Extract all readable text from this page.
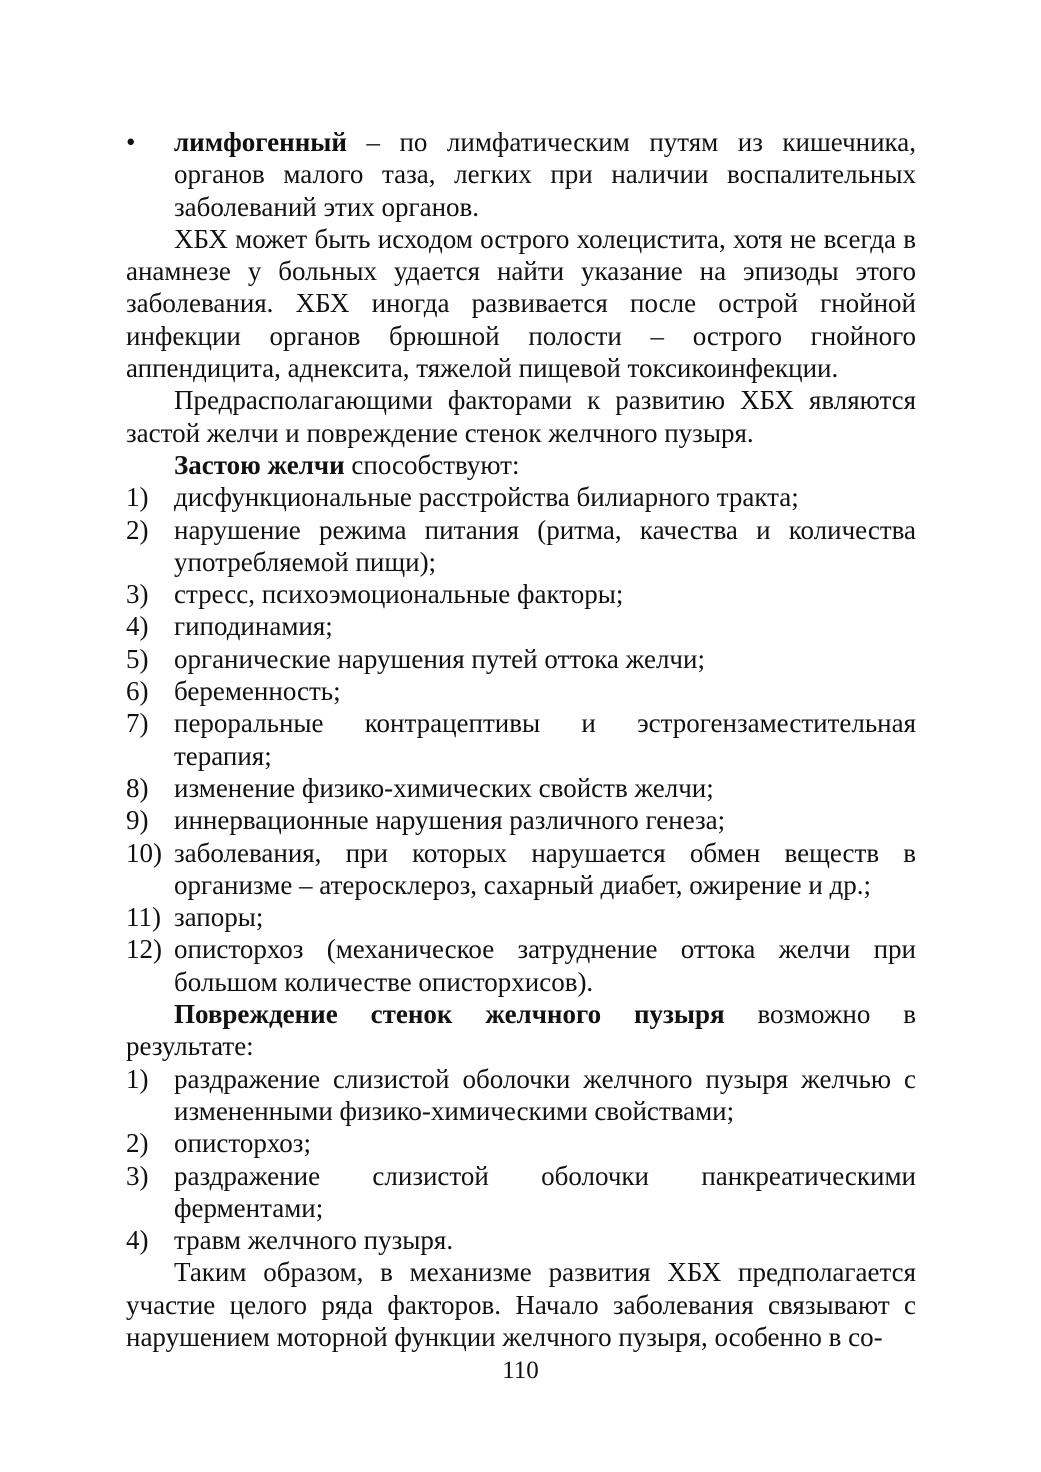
• лимфогенный – по лимфатическим путям из кишечника, органов малого таза, легких при наличии воспалительных заболеваний этих органов.

ХБХ может быть исходом острого холецистита, хотя не всегда в анамнезе у больных удается найти указание на эпизоды этого заболевания. ХБХ иногда развивается после острой гнойной инфекции органов брюшной полости – острого гнойного аппендицита, аднексита, тяжелой пищевой токсикоинфекции.

Предрасполагающими факторами к развитию ХБХ являются застой желчи и повреждение стенок желчного пузыря.

Застою желчи способствуют:

1) дисфункциональные расстройства билиарного тракта;

2) нарушение режима питания (ритма, качества и количества употребляемой пищи);

3) стресс, психоэмоциональные факторы;

4) гиподинамия;

5) органические нарушения путей оттока желчи;

6) беременность;

7) пероральные контрацептивы и эстрогензаместительная терапия;

8) изменение физико-химических свойств желчи;

9) иннервационные нарушения различного генеза;

10) заболевания, при которых нарушается обмен веществ в организме – атеросклероз, сахарный диабет, ожирение и др.;

11) запоры;

12) описторхоз (механическое затруднение оттока желчи при большом количестве описторхисов).

Повреждение стенок желчного пузыря возможно в результате:

1) раздражение слизистой оболочки желчного пузыря желчью с измененными физико-химическими свойствами;

2) описторхоз;

3) раздражение слизистой оболочки панкреатическими ферментами;

4) травм желчного пузыря.

Таким образом, в механизме развития ХБХ предполагается участие целого ряда факторов. Начало заболевания связывают с нарушением моторной функции желчного пузыря, особенно в со-

110
